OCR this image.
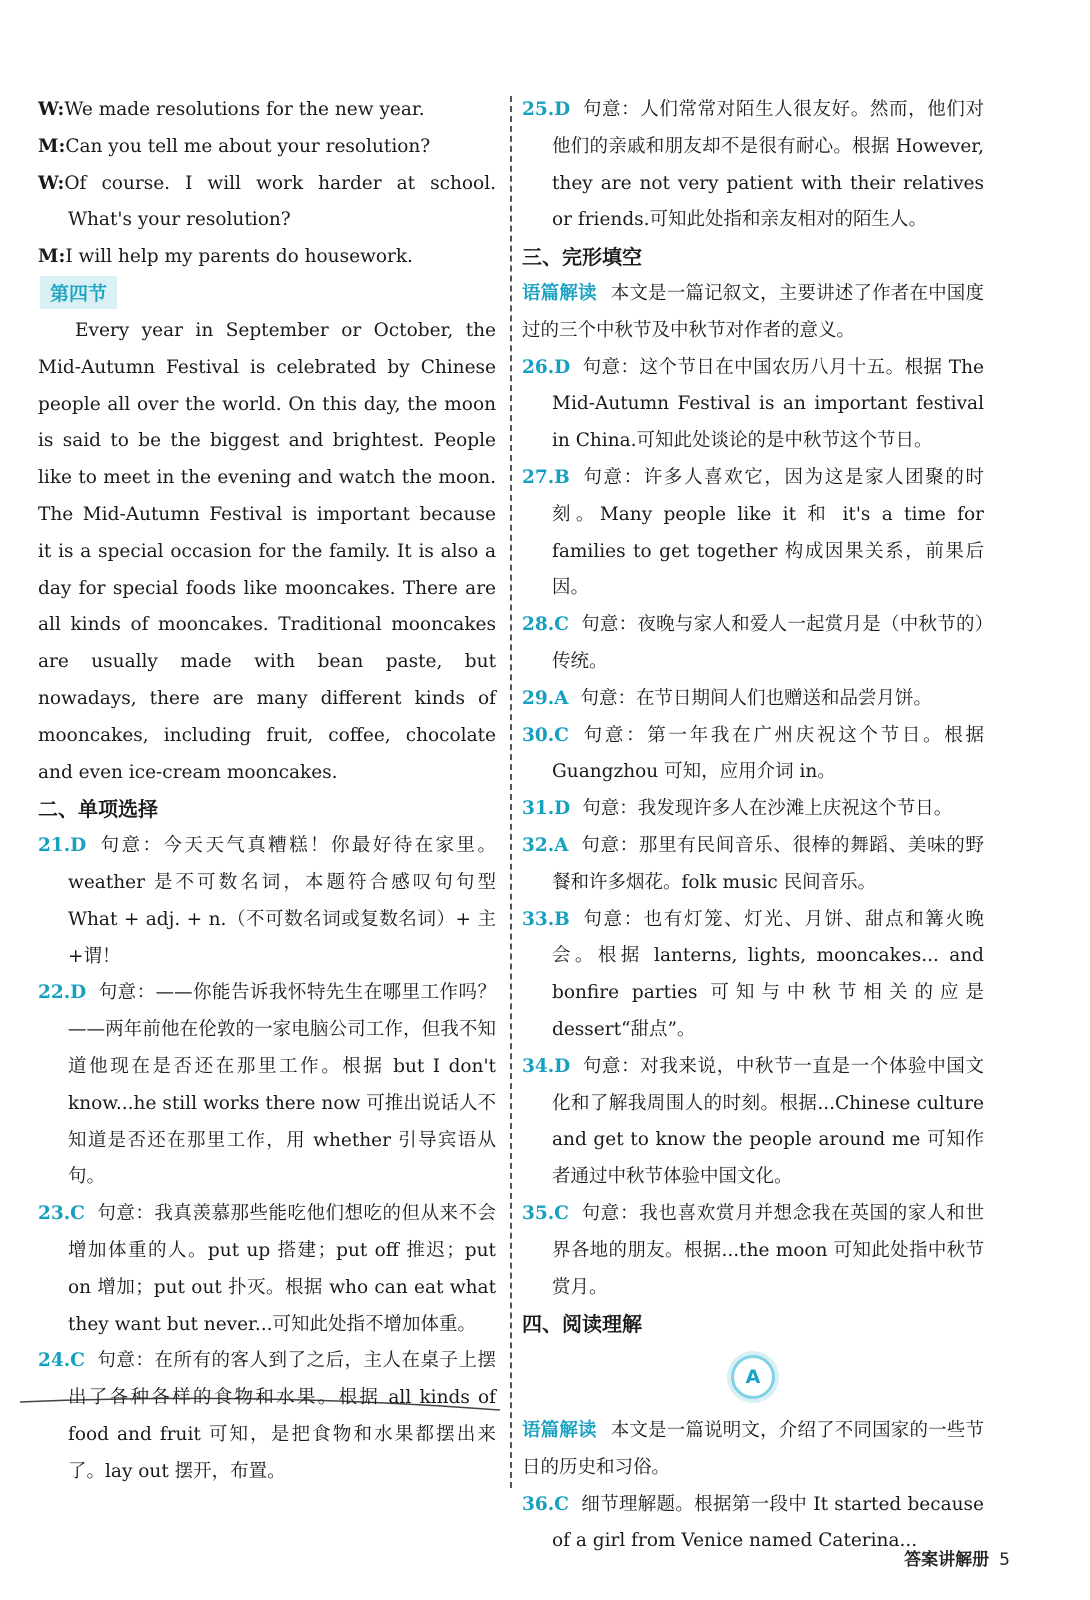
W:We made resolutions for the new year.

M:Can you tell me about your resolution?

W:Of course. I will work harder at school. What's your resolution?

M:I will help my parents do housework.

第四节

Every year in September or October, the Mid-Autumn Festival is celebrated by Chinese people all over the world. On this day, the moon is said to be the biggest and brightest. People like to meet in the evening and watch the moon. The Mid-Autumn Festival is important because it is a special occasion for the family. It is also a day for special foods like mooncakes. There are all kinds of mooncakes. Traditional mooncakes are usually made with bean paste, but nowadays, there are many different kinds of mooncakes, including fruit, coffee, chocolate and even ice-cream mooncakes.

二、单项选择

21.D 句意：今天天气真糟糕！你最好待在家里。weather 是不可数名词，本题符合感叹句句型 What + adj. + n.（不可数名词或复数名词）+ 主+谓！

22.D 句意：——你能告诉我怀特先生在哪里工作吗？——两年前他在伦敦的一家电脑公司工作，但我不知道他现在是否还在那里工作。根据 but I don't know...he still works there now 可推出说话人不知道是否还在那里工作，用 whether 引导宾语从句。

23.C 句意：我真羡慕那些能吃他们想吃的但从来不会增加体重的人。put up 搭建；put off 推迟；put on 增加；put out 扑灭。根据 who can eat what they want but never...可知此处指不增加体重。

24.C 句意：在所有的客人到了之后，主人在桌子上摆出了各种各样的食物和水果。根据 all kinds of food and fruit 可知，是把食物和水果都摆出来了。lay out 摆开，布置。

25.D 句意：人们常常对陌生人很友好。然而，他们对他们的亲戚和朋友却不是很有耐心。根据 However, they are not very patient with their relatives or friends.可知此处指和亲友相对的陌生人。

三、完形填空

语篇解读 本文是一篇记叙文，主要讲述了作者在中国度过的三个中秋节及中秋节对作者的意义。

26.D 句意：这个节日在中国农历八月十五。根据 The Mid-Autumn Festival is an important festival in China.可知此处谈论的是中秋节这个节日。

27.B 句意：许多人喜欢它，因为这是家人团聚的时刻。Many people like it 和 it's a time for families to get together 构成因果关系，前果后因。

28.C 句意：夜晚与家人和爱人一起赏月是（中秋节的）传统。

29.A 句意：在节日期间人们也赠送和品尝月饼。

30.C 句意：第一年我在广州庆祝这个节日。根据 Guangzhou 可知，应用介词 in。

31.D 句意：我发现许多人在沙滩上庆祝这个节日。

32.A 句意：那里有民间音乐、很棒的舞蹈、美味的野餐和许多烟花。folk music 民间音乐。

33.B 句意：也有灯笼、灯光、月饼、甜点和篝火晚会。根据 lanterns, lights, mooncakes... and bonfire parties 可知与中秋节相关的应是 dessert“甜点”。

34.D 句意：对我来说，中秋节一直是一个体验中国文化和了解我周围人的时刻。根据...Chinese culture and get to know the people around me 可知作者通过中秋节体验中国文化。

35.C 句意：我也喜欢赏月并想念我在英国的家人和世界各地的朋友。根据...the moon 可知此处指中秋节赏月。

四、阅读理解

A

语篇解读 本文是一篇说明文，介绍了不同国家的一些节日的历史和习俗。

36.C 细节理解题。根据第一段中 It started because of a girl from Venice named Caterina...

答案讲解册 5
